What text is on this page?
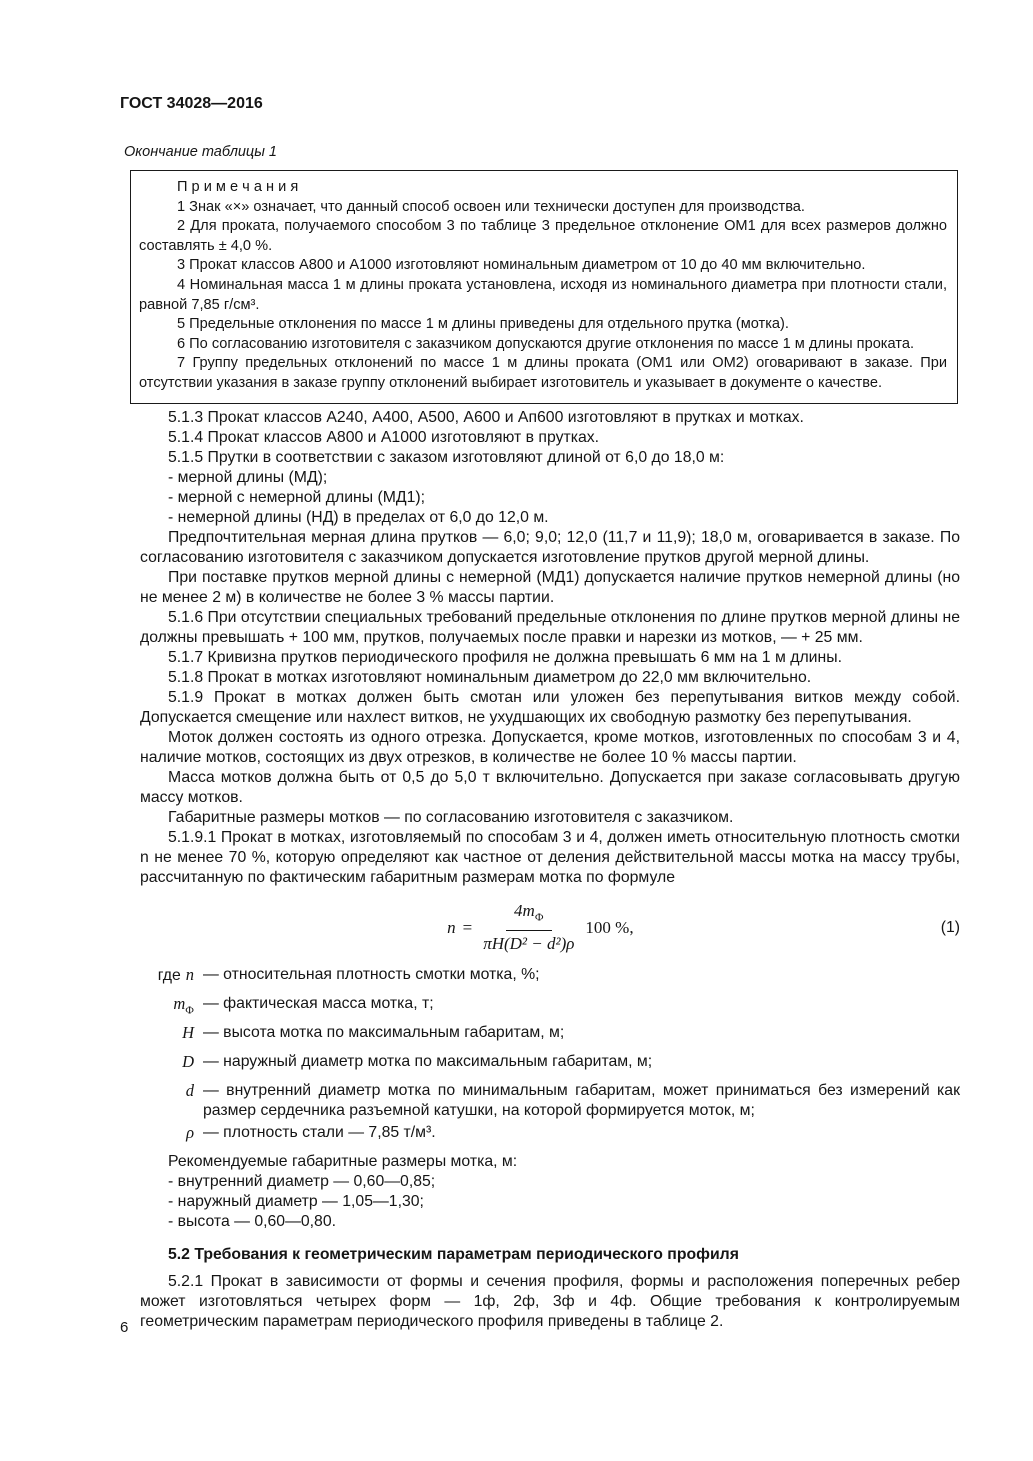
ГОСТ 34028—2016
Окончание таблицы 1
П р и м е ч а н и я

1 Знак «×» означает, что данный способ освоен или технически доступен для производства.

2 Для проката, получаемого способом 3 по таблице 3 предельное отклонение ОМ1 для всех размеров должно составлять ± 4,0 %.

3 Прокат классов А800 и А1000 изготовляют номинальным диаметром от 10 до 40 мм включительно.

4 Номинальная масса 1 м длины проката установлена, исходя из номинального диаметра при плотности стали, равной 7,85 г/см³.

5 Предельные отклонения по массе 1 м длины приведены для отдельного прутка (мотка).

6 По согласованию изготовителя с заказчиком допускаются другие отклонения по массе 1 м длины проката.

7 Группу предельных отклонений по массе 1 м длины проката (ОМ1 или ОМ2) оговаривают в заказе. При отсутствии указания в заказе группу отклонений выбирает изготовитель и указывает в документе о качестве.

5.1.3 Прокат классов А240, А400, А500, А600 и Ап600 изготовляют в прутках и мотках.

5.1.4 Прокат классов А800 и А1000 изготовляют в прутках.

5.1.5 Прутки в соответствии с заказом изготовляют длиной от 6,0 до 18,0 м:

- мерной длины (МД);

- мерной с немерной длины (МД1);

- немерной длины (НД) в пределах от 6,0 до 12,0 м.

Предпочтительная мерная длина прутков — 6,0; 9,0; 12,0 (11,7 и 11,9); 18,0 м, оговаривается в заказе. По согласованию изготовителя с заказчиком допускается изготовление прутков другой мерной длины.

При поставке прутков мерной длины с немерной (МД1) допускается наличие прутков немерной длины (но не менее 2 м) в количестве не более 3 % массы партии.

5.1.6 При отсутствии специальных требований предельные отклонения по длине прутков мерной длины не должны превышать + 100 мм, прутков, получаемых после правки и нарезки из мотков, — + 25 мм.

5.1.7 Кривизна прутков периодического профиля не должна превышать 6 мм на 1 м длины.

5.1.8 Прокат в мотках изготовляют номинальным диаметром до 22,0 мм включительно.

5.1.9 Прокат в мотках должен быть смотан или уложен без перепутывания витков между собой. Допускается смещение или нахлест витков, не ухудшающих их свободную размотку без перепутывания.

Моток должен состоять из одного отрезка. Допускается, кроме мотков, изготовленных по способам 3 и 4, наличие мотков, состоящих из двух отрезков, в количестве не более 10 % массы партии.

Масса мотков должна быть от 0,5 до 5,0 т включительно. Допускается при заказе согласовывать другую массу мотков.

Габаритные размеры мотков — по согласованию изготовителя с заказчиком.

5.1.9.1 Прокат в мотках, изготовляемый по способам 3 и 4, должен иметь относительную плотность смотки n не менее 70 %, которую определяют как частное от деления действительной массы мотка на массу трубы, рассчитанную по фактическим габаритным размерам мотка по формуле

$n = \frac{4m_Ф}{\text{πH(D² − d²)ρ}} 100$ %,	(1)
где n — относительная плотность смотки мотка, %;
$m_Ф$ — фактическая масса мотка, т;
H — высота мотка по максимальным габаритам, м;
D — наружный диаметр мотка по максимальным габаритам, м;
d — внутренний диаметр мотка по минимальным габаритам, может приниматься без измерений как размер сердечника разъемной катушки, на которой формируется моток, м;
ρ — плотность стали — 7,85 т/м³.

Рекомендуемые габаритные размеры мотка, м:

- внутренний диаметр — 0,60—0,85;

- наружный диаметр — 1,05—1,30;

- высота — 0,60—0,80.

5.2 Требования к геометрическим параметрам периодического профиля

5.2.1 Прокат в зависимости от формы и сечения профиля, формы и расположения поперечных ребер может изготовляться четырех форм — 1ф, 2ф, 3ф и 4ф. Общие требования к контролируемым геометрическим параметрам периодического профиля приведены в таблице 2.

6
